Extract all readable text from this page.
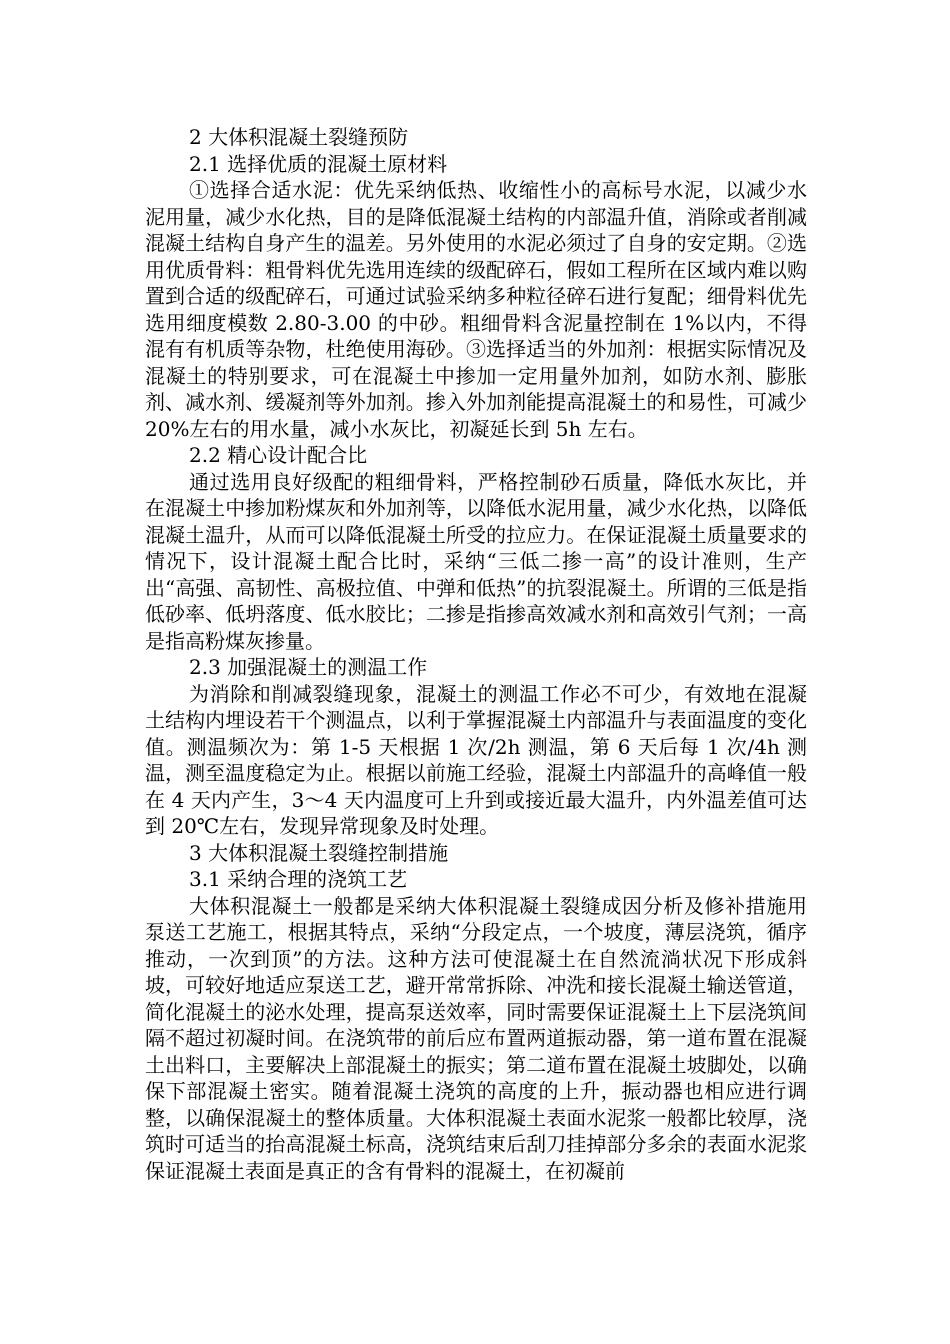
2 大体积混凝土裂缝预防

2.1 选择优质的混凝土原材料

①选择合适水泥：优先采纳低热、收缩性小的高标号水泥，以减少水泥用量，减少水化热，目的是降低混凝土结构的内部温升值，消除或者削减混凝土结构自身产生的温差。另外使用的水泥必须过了自身的安定期。②选用优质骨料：粗骨料优先选用连续的级配碎石，假如工程所在区域内难以购置到合适的级配碎石，可通过试验采纳多种粒径碎石进行复配；细骨料优先选用细度模数 2.80-3.00 的中砂。粗细骨料含泥量控制在 1%以内，不得混有有机质等杂物，杜绝使用海砂。③选择适当的外加剂：根据实际情况及混凝土的特别要求，可在混凝土中掺加一定用量外加剂，如防水剂、膨胀剂、减水剂、缓凝剂等外加剂。掺入外加剂能提高混凝土的和易性，可减少 20%左右的用水量，减小水灰比，初凝延长到 5h 左右。

2.2 精心设计配合比

通过选用良好级配的粗细骨料，严格控制砂石质量，降低水灰比，并在混凝土中掺加粉煤灰和外加剂等，以降低水泥用量，减少水化热，以降低混凝土温升，从而可以降低混凝土所受的拉应力。在保证混凝土质量要求的情况下，设计混凝土配合比时，采纳“三低二掺一高”的设计准则，生产出“高强、高韧性、高极拉值、中弹和低热”的抗裂混凝土。所谓的三低是指低砂率、低坍落度、低水胶比；二掺是指掺高效减水剂和高效引气剂；一高是指高粉煤灰掺量。

2.3 加强混凝土的测温工作

为消除和削减裂缝现象，混凝土的测温工作必不可少，有效地在混凝土结构内埋设若干个测温点，以利于掌握混凝土内部温升与表面温度的变化值。测温频次为：第 1-5 天根据 1 次/2h 测温，第 6 天后每 1 次/4h 测温，测至温度稳定为止。根据以前施工经验，混凝土内部温升的高峰值一般在 4 天内产生，3～4 天内温度可上升到或接近最大温升，内外温差值可达到 20℃左右，发现异常现象及时处理。

3 大体积混凝土裂缝控制措施

3.1 采纳合理的浇筑工艺

大体积混凝土一般都是采纳大体积混凝土裂缝成因分析及修补措施用泵送工艺施工，根据其特点，采纳“分段定点，一个坡度，薄层浇筑，循序推动，一次到顶”的方法。这种方法可使混凝土在自然流淌状况下形成斜坡，可较好地适应泵送工艺，避开常常拆除、冲洗和接长混凝土输送管道，简化混凝土的泌水处理，提高泵送效率，同时需要保证混凝土上下层浇筑间隔不超过初凝时间。在浇筑带的前后应布置两道振动器，第一道布置在混凝土出料口，主要解决上部混凝土的振实；第二道布置在混凝土坡脚处，以确保下部混凝土密实。随着混凝土浇筑的高度的上升，振动器也相应进行调整，以确保混凝土的整体质量。大体积混凝土表面水泥浆一般都比较厚，浇筑时可适当的抬高混凝土标高，浇筑结束后刮刀挂掉部分多余的表面水泥浆保证混凝土表面是真正的含有骨料的混凝土，在初凝前
